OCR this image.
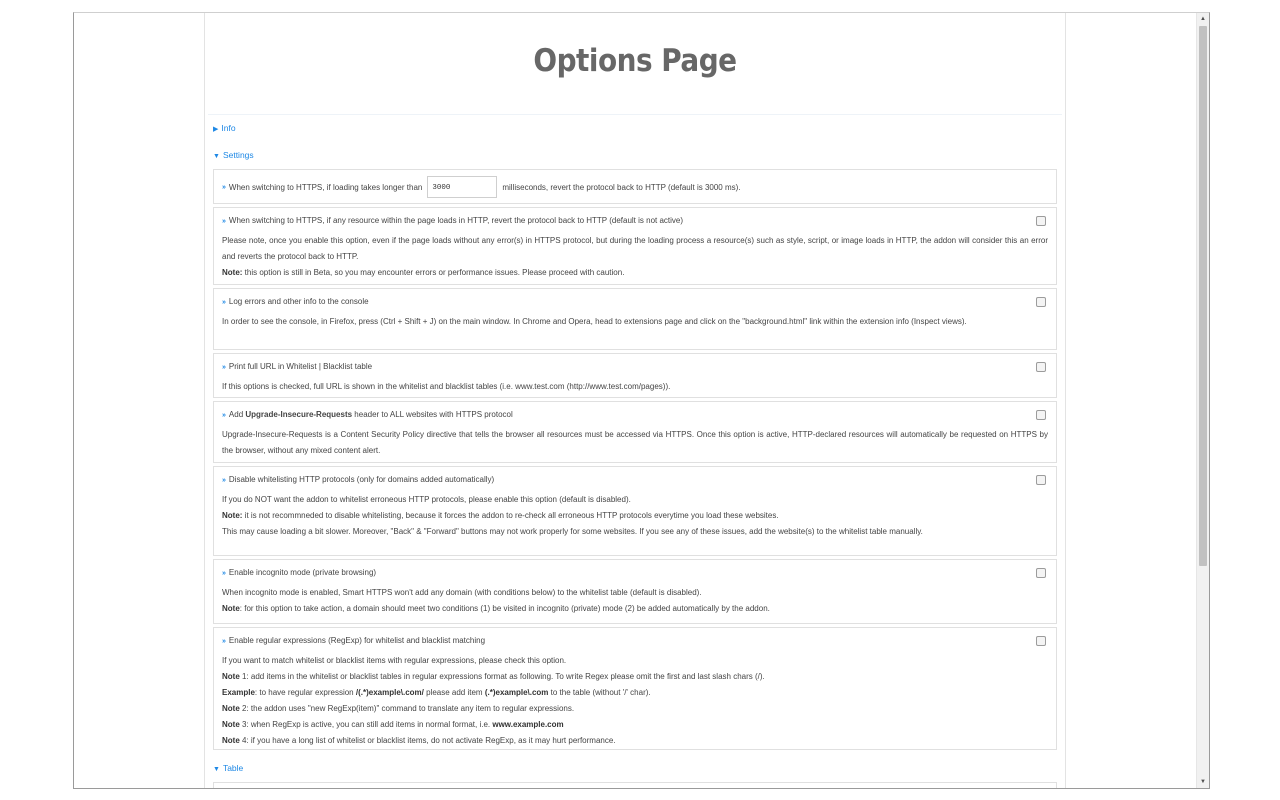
Options Page
▶ Info
▼ Settings
» When switching to HTTPS, if loading takes longer than	3000	milliseconds, revert the protocol back to HTTP (default is 3000 ms).
» When switching to HTTPS, if any resource within the page loads in HTTP, revert the protocol back to HTTP (default is not active)
Please note, once you enable this option, even if the page loads without any error(s) in HTTPS protocol, but during the loading process a resource(s) such as style, script, or image loads in HTTP, the addon will consider this an error and reverts the protocol back to HTTP.
Note: this option is still in Beta, so you may encounter errors or performance issues. Please proceed with caution.
» Log errors and other info to the console
In order to see the console, in Firefox, press (Ctrl + Shift + J) on the main window. In Chrome and Opera, head to extensions page and click on the "background.html" link within the extension info (Inspect views).
» Print full URL in Whitelist | Blacklist table
If this options is checked, full URL is shown in the whitelist and blacklist tables (i.e. www.test.com (http://www.test.com/pages)).
» Add Upgrade-Insecure-Requests header to ALL websites with HTTPS protocol
Upgrade-Insecure-Requests is a Content Security Policy directive that tells the browser all resources must be accessed via HTTPS. Once this option is active, HTTP-declared resources will automatically be requested on HTTPS by the browser, without any mixed content alert.
» Disable whitelisting HTTP protocols (only for domains added automatically)
If you do NOT want the addon to whitelist erroneous HTTP protocols, please enable this option (default is disabled).
Note: it is not recommneded to disable whitelisting, because it forces the addon to re-check all erroneous HTTP protocols everytime you load these websites.
This may cause loading a bit slower. Moreover, "Back" & "Forward" buttons may not work properly for some websites. If you see any of these issues, add the website(s) to the whitelist table manually.
» Enable incognito mode (private browsing)
When incognito mode is enabled, Smart HTTPS won't add any domain (with conditions below) to the whitelist table (default is disabled).
Note: for this option to take action, a domain should meet two conditions (1) be visited in incognito (private) mode (2) be added automatically by the addon.
» Enable regular expressions (RegExp) for whitelist and blacklist matching
If you want to match whitelist or blacklist items with regular expressions, please check this option.
Note 1: add items in the whitelist or blacklist tables in regular expressions format as following. To write Regex please omit the first and last slash chars (/).
Example: to have regular expression /(.*)example\.com/ please add item (.*)example\.com to the table (without '/' char).
Note 2: the addon uses "new RegExp(item)" command to translate any item to regular expressions.
Note 3: when RegExp is active, you can still add items in normal format, i.e. www.example.com
Note 4: if you have a long list of whitelist or blacklist items, do not activate RegExp, as it may hurt performance.
▼ Table
▲
▼
